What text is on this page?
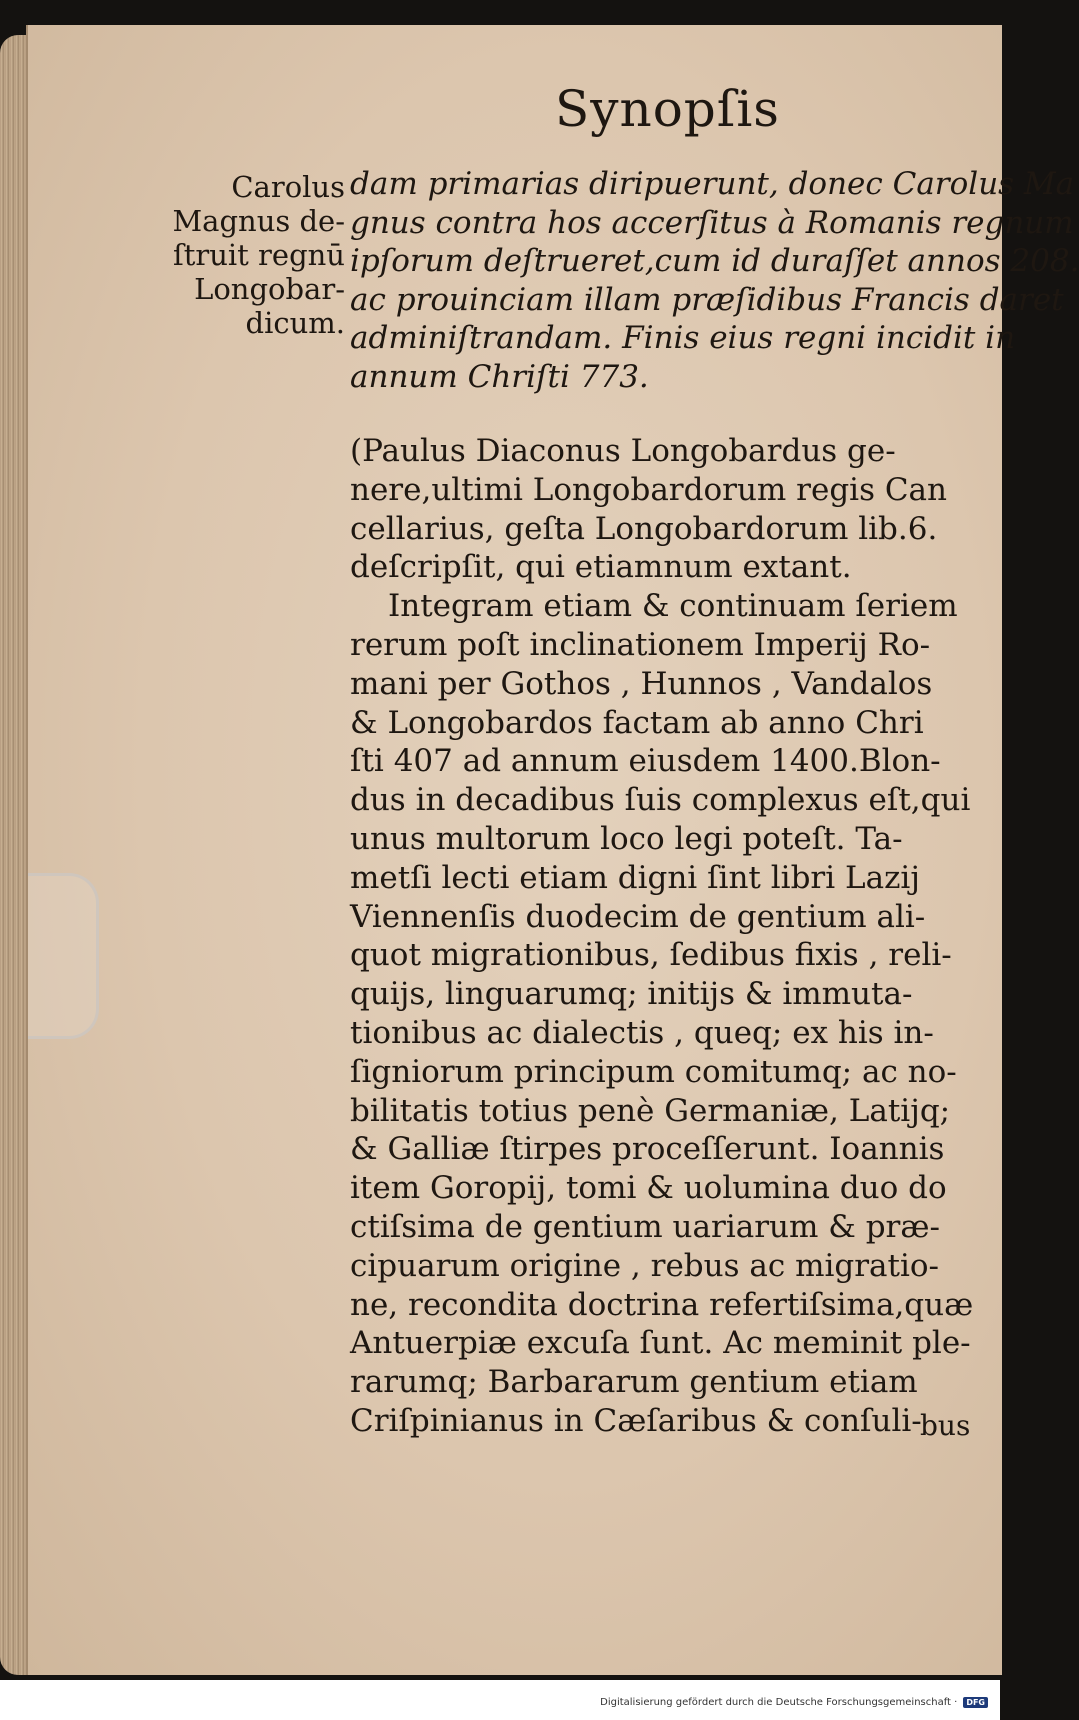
Synopſis
Carolus
Magnus de-
ſtruit regnū
Longobar-
dicum.
dam primarias diripuerunt, donec Carolus Ma
gnus contra hos accerſitus à Romanis regnum
ipſorum deſtrueret,cum id duraſſet annos 208.
ac prouinciam illam præſidibus Francis daret
adminiſtrandam. Finis eius regni incidit in
annum Chriſti 773.
(Paulus Diaconus Longobardus ge-
nere,ultimi Longobardorum regis Can
cellarius, geſta Longobardorum lib.6.
deſcripſit, qui etiamnum extant.
Integram etiam & continuam ſeriem
rerum poſt inclinationem Imperij Ro-
mani per Gothos , Hunnos , Vandalos
& Longobardos factam ab anno Chri
ſti 407 ad annum eiusdem 1400.Blon-
dus in decadibus ſuis complexus eſt,qui
unus multorum loco legi poteſt. Ta-
metſi lecti etiam digni ſint libri Lazij
Viennenſis duodecim de gentium ali-
quot migrationibus, ſedibus fixis , reli-
quijs, linguarumq; initijs & immuta-
tionibus ac dialectis , queq; ex his in-
ſigniorum principum comitumq; ac no-
bilitatis totius penè Germaniæ, Latijq;
& Galliæ ſtirpes proceſſerunt. Ioannis
item Goropij, tomi & uolumina duo do
ctiſsima de gentium uariarum & præ-
cipuarum origine , rebus ac migratio-
ne, recondita doctrina refertiſsima,quæ
Antuerpiæ excuſa ſunt. Ac meminit ple-
rarumq; Barbararum gentium etiam
Criſpinianus in Cæſaribus & conſuli-
bus
Digitalisierung gefördert durch die Deutsche Forschungsgemeinschaft ·	DFG
